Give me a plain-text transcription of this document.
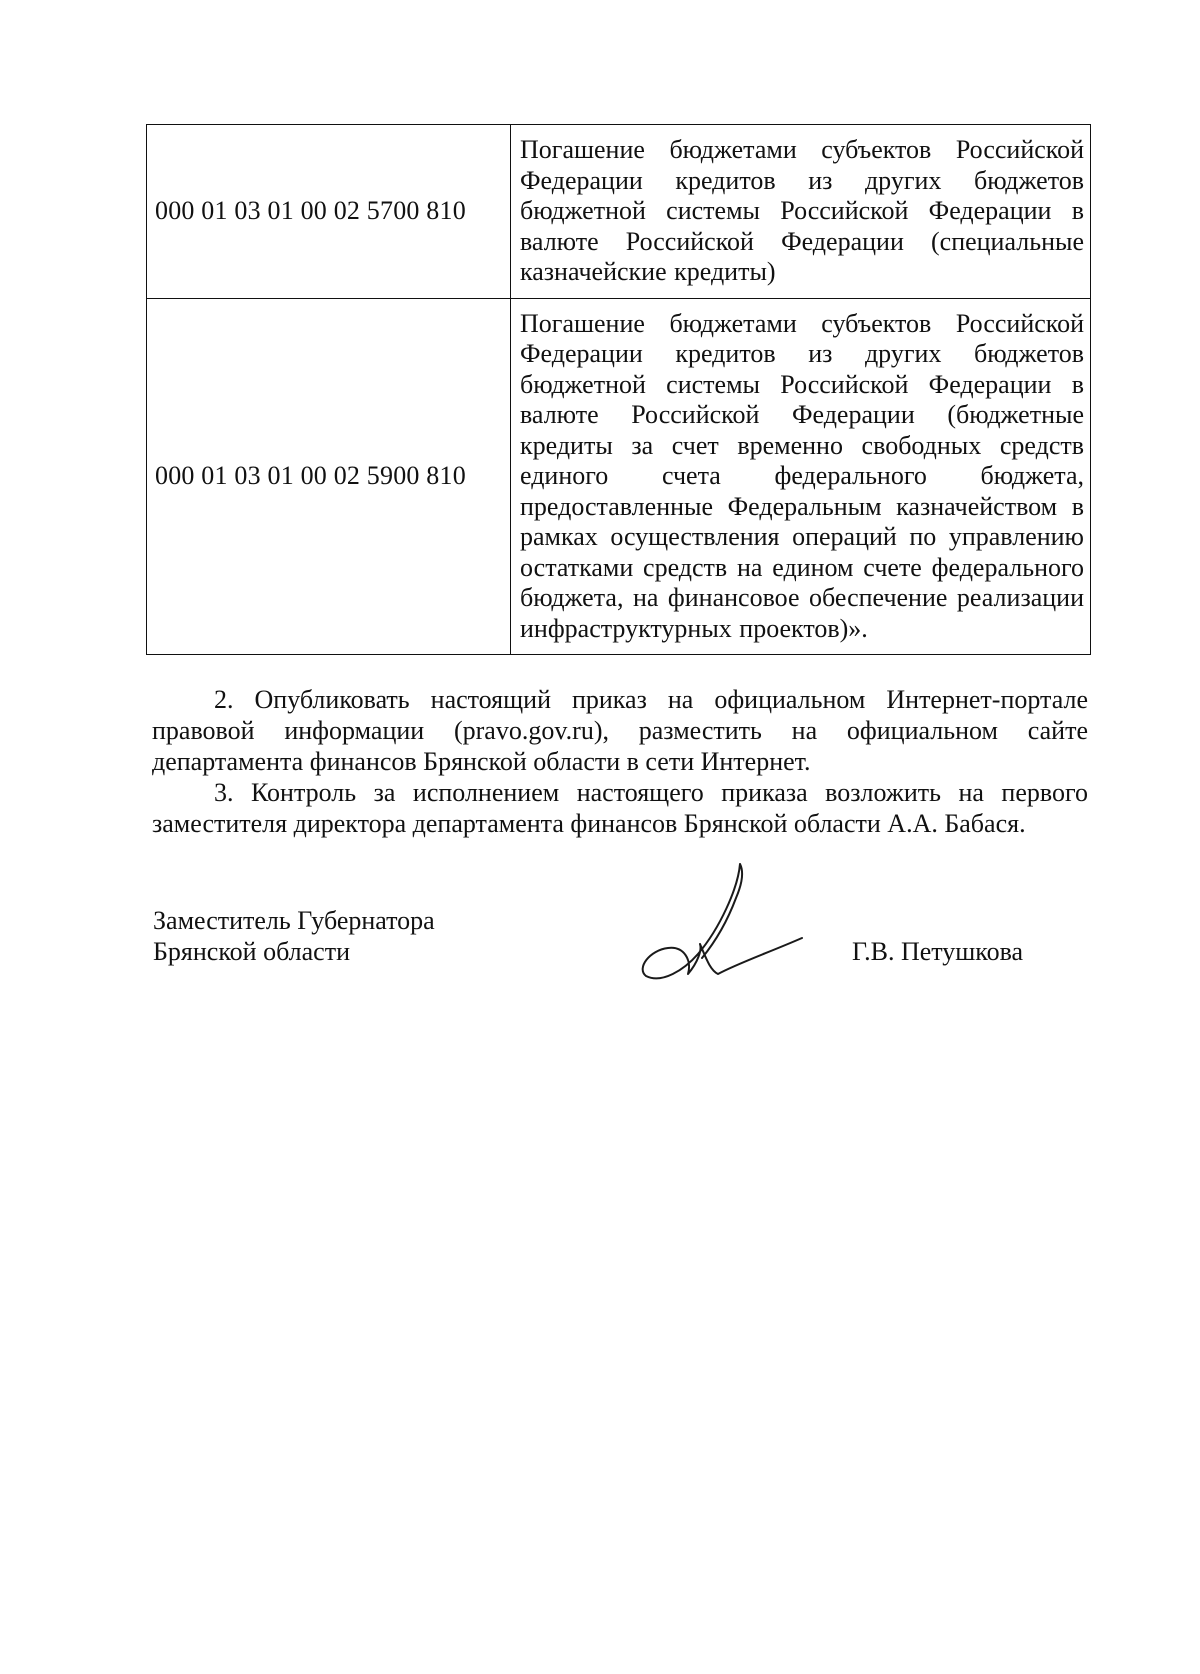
000 01 03 01 00 02 5700 810	Погашение бюджетами субъектов Российской Федерации кредитов из других бюджетов бюджетной системы Российской Федерации в валюте Российской Федерации (специальные казначейские кредиты)
000 01 03 01 00 02 5900 810	Погашение бюджетами субъектов Российской Федерации кредитов из других бюджетов бюджетной системы Российской Федерации в валюте Российской Федерации (бюджетные кредиты за счет временно свободных средств единого счета федерального бюджета, предоставленные Федеральным казначейством в рамках осуществления операций по управлению остатками средств на едином счете федерального бюджета, на финансовое обеспечение реализации инфраструктурных проектов)».

2. Опубликовать настоящий приказ на официальном Интернет-портале правовой информации (pravo.gov.ru), разместить на официальном сайте департамента финансов Брянской области в сети Интернет.

3. Контроль за исполнением настоящего приказа возложить на первого заместителя директора департамента финансов Брянской области А.А. Бабася.

Заместитель Губернатора
Брянской области	Г.В. Петушкова
